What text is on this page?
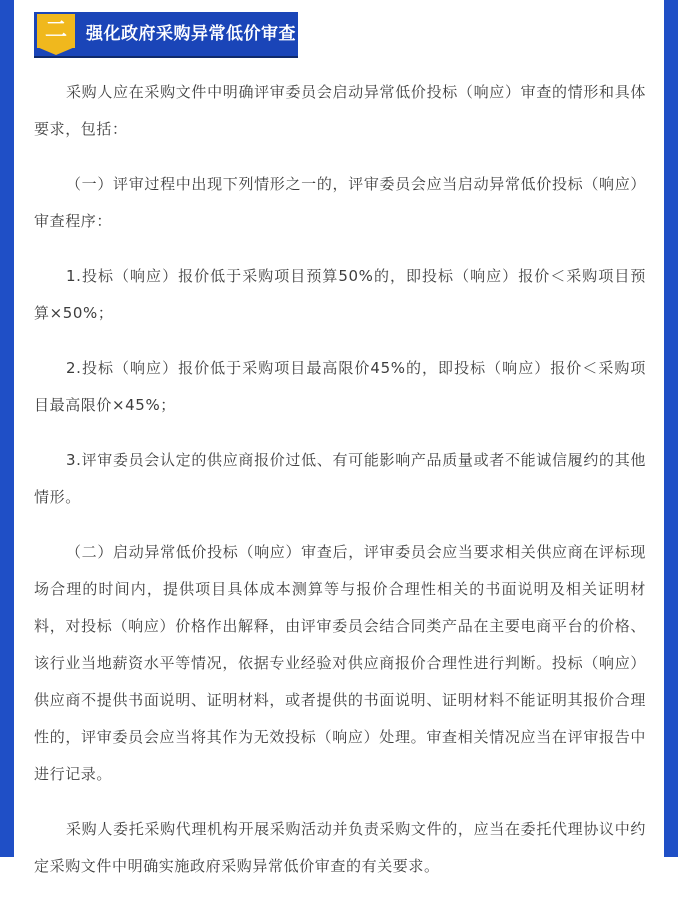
二	强化政府采购异常低价审查

采购人应在采购文件中明确评审委员会启动异常低价投标（响应）审查的情形和具体要求，包括：

（一）评审过程中出现下列情形之一的，评审委员会应当启动异常低价投标（响应）审查程序：

1.投标（响应）报价低于采购项目预算50%的，即投标（响应）报价＜采购项目预算×50%；

2.投标（响应）报价低于采购项目最高限价45%的，即投标（响应）报价＜采购项目最高限价×45%；

3.评审委员会认定的供应商报价过低、有可能影响产品质量或者不能诚信履约的其他情形。

（二）启动异常低价投标（响应）审查后，评审委员会应当要求相关供应商在评标现场合理的时间内，提供项目具体成本测算等与报价合理性相关的书面说明及相关证明材料，对投标（响应）价格作出解释，由评审委员会结合同类产品在主要电商平台的价格、该行业当地薪资水平等情况，依据专业经验对供应商报价合理性进行判断。投标（响应）供应商不提供书面说明、证明材料，或者提供的书面说明、证明材料不能证明其报价合理性的，评审委员会应当将其作为无效投标（响应）处理。审查相关情况应当在评审报告中进行记录。

采购人委托采购代理机构开展采购活动并负责采购文件的，应当在委托代理协议中约定采购文件中明确实施政府采购异常低价审查的有关要求。
